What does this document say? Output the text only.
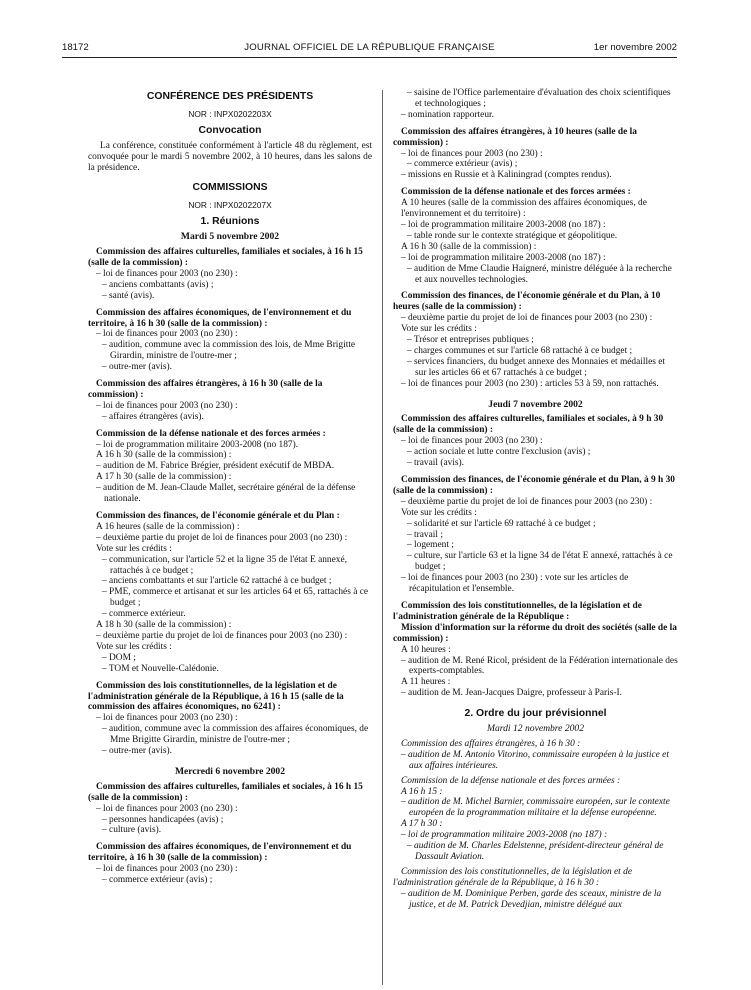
18172	JOURNAL OFFICIEL DE LA RÉPUBLIQUE FRANÇAISE	1er novembre 2002
CONFÉRENCE DES PRÉSIDENTS
NOR : INPX0202203X
Convocation
La conférence, constituée conformément à l'article 48 du règlement, est convoquée pour le mardi 5 novembre 2002, à 10 heures, dans les salons de la présidence.
COMMISSIONS
NOR : INPX0202207X
1. Réunions
Mardi 5 novembre 2002
Commission des affaires culturelles, familiales et sociales, à 16 h 15 (salle de la commission) :
– loi de finances pour 2003 (no 230) :
– anciens combattants (avis) ;
– santé (avis).
Commission des affaires économiques, de l'environnement et du territoire, à 16 h 30 (salle de la commission) :
– loi de finances pour 2003 (no 230) :
– audition, commune avec la commission des lois, de Mme Brigitte Girardin, ministre de l'outre-mer ;
– outre-mer (avis).
Commission des affaires étrangères, à 16 h 30 (salle de la commission) :
– loi de finances pour 2003 (no 230) :
– affaires étrangères (avis).
Commission de la défense nationale et des forces armées :
– loi de programmation militaire 2003-2008 (no 187).
A 16 h 30 (salle de la commission) :
– audition de M. Fabrice Brégier, président exécutif de MBDA.
A 17 h 30 (salle de la commission) :
– audition de M. Jean-Claude Mallet, secrétaire général de la défense nationale.
Commission des finances, de l'économie générale et du Plan :
A 16 heures (salle de la commission) :
– deuxième partie du projet de loi de finances pour 2003 (no 230) :
Vote sur les crédits :
– communication, sur l'article 52 et la ligne 35 de l'état E annexé, rattachés à ce budget ;
– anciens combattants et sur l'article 62 rattaché à ce budget ;
– PME, commerce et artisanat et sur les articles 64 et 65, rattachés à ce budget ;
– commerce extérieur.
A 18 h 30 (salle de la commission) :
– deuxième partie du projet de loi de finances pour 2003 (no 230) :
Vote sur les crédits :
– DOM ;
– TOM et Nouvelle-Calédonie.
Commission des lois constitutionnelles, de la législation et de l'administration générale de la République, à 16 h 15 (salle de la commission des affaires économiques, no 6241) :
– loi de finances pour 2003 (no 230) :
– audition, commune avec la commission des affaires économiques, de Mme Brigitte Girardin, ministre de l'outre-mer ;
– outre-mer (avis).
Mercredi 6 novembre 2002
Commission des affaires culturelles, familiales et sociales, à 16 h 15 (salle de la commission) :
– loi de finances pour 2003 (no 230) :
– personnes handicapées (avis) ;
– culture (avis).
Commission des affaires économiques, de l'environnement et du territoire, à 16 h 30 (salle de la commission) :
– loi de finances pour 2003 (no 230) :
– commerce extérieur (avis) ;
– saisine de l'Office parlementaire d'évaluation des choix scientifiques et technologiques ;
– nomination rapporteur.
Commission des affaires étrangères, à 10 heures (salle de la commission) :
– loi de finances pour 2003 (no 230) :
– commerce extérieur (avis) ;
– missions en Russie et à Kaliningrad (comptes rendus).
Commission de la défense nationale et des forces armées :
A 10 heures (salle de la commission des affaires économiques, de l'environnement et du territoire) :
– loi de programmation militaire 2003-2008 (no 187) :
– table ronde sur le contexte stratégique et géopolitique.
A 16 h 30 (salle de la commission) :
– loi de programmation militaire 2003-2008 (no 187) :
– audition de Mme Claudie Haigneré, ministre déléguée à la recherche et aux nouvelles technologies.
Commission des finances, de l'économie générale et du Plan, à 10 heures (salle de la commission) :
– deuxième partie du projet de loi de finances pour 2003 (no 230) :
Vote sur les crédits :
– Trésor et entreprises publiques ;
– charges communes et sur l'article 68 rattaché à ce budget ;
– services financiers, du budget annexe des Monnaies et médailles et sur les articles 66 et 67 rattachés à ce budget ;
– loi de finances pour 2003 (no 230) : articles 53 à 59, non rattachés.
Jeudi 7 novembre 2002
Commission des affaires culturelles, familiales et sociales, à 9 h 30 (salle de la commission) :
– loi de finances pour 2003 (no 230) :
– action sociale et lutte contre l'exclusion (avis) ;
– travail (avis).
Commission des finances, de l'économie générale et du Plan, à 9 h 30 (salle de la commission) :
– deuxième partie du projet de loi de finances pour 2003 (no 230) :
Vote sur les crédits :
– solidarité et sur l'article 69 rattaché à ce budget ;
– travail ;
– logement ;
– culture, sur l'article 63 et la ligne 34 de l'état E annexé, rattachés à ce budget ;
– loi de finances pour 2003 (no 230) : vote sur les articles de récapitulation et l'ensemble.
Commission des lois constitutionnelles, de la législation et de l'administration générale de la République :
Mission d'information sur la réforme du droit des sociétés (salle de la commission) :
A 10 heures :
– audition de M. René Ricol, président de la Fédération internationale des experts-comptables.
A 11 heures :
– audition de M. Jean-Jacques Daigre, professeur à Paris-I.
2. Ordre du jour prévisionnel
Mardi 12 novembre 2002
Commission des affaires étrangères, à 16 h 30 :
– audition de M. Antonio Vitorino, commissaire européen à la justice et aux affaires intérieures.
Commission de la défense nationale et des forces armées :
A 16 h 15 :
– audition de M. Michel Barnier, commissaire européen, sur le contexte européen de la programmation militaire et la défense européenne.
A 17 h 30 :
– loi de programmation militaire 2003-2008 (no 187) :
– audition de M. Charles Edelstenne, président-directeur général de Dassault Aviation.
Commission des lois constitutionnelles, de la législation et de l'administration générale de la République, à 16 h 30 :
– audition de M. Dominique Perben, garde des sceaux, ministre de la justice, et de M. Patrick Devedjian, ministre délégué aux
